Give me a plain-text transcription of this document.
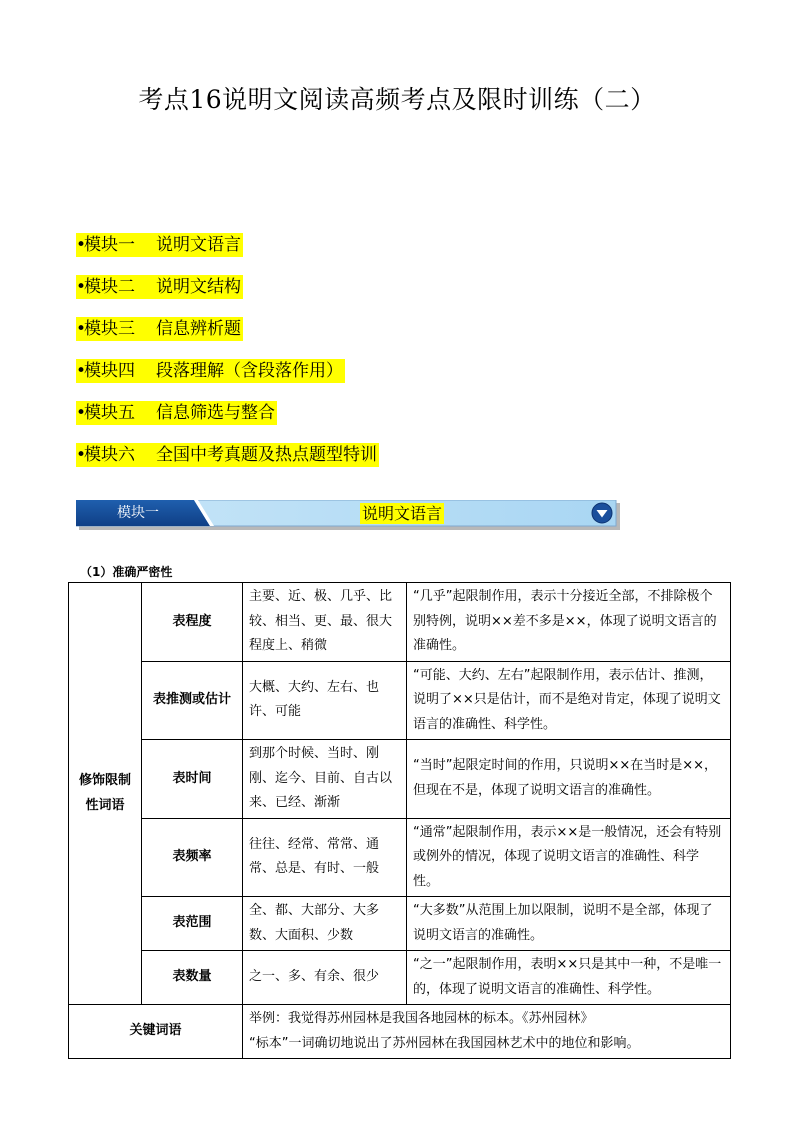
考点16说明文阅读高频考点及限时训练（二）
•模块一 说明文语言
•模块二 说明文结构
•模块三 信息辨析题
•模块四 段落理解（含段落作用）
•模块五 信息筛选与整合
•模块六 全国中考真题及热点题型特训
模块一	说明文语言
（1）准确严密性
修饰限制性词语	表程度	主要、近、极、几乎、比较、相当、更、最、很大程度上、稍微	“几乎”起限制作用，表示十分接近全部，不排除极个别特例，说明××差不多是××，体现了说明文语言的准确性。
	表推测或估计	大概、大约、左右、也许、可能	“可能、大约、左右”起限制作用，表示估计、推测，说明了××只是估计，而不是绝对肯定，体现了说明文语言的准确性、科学性。
	表时间	到那个时候、当时、刚刚、迄今、目前、自古以来、已经、渐渐	“当时”起限定时间的作用，只说明××在当时是××，但现在不是，体现了说明文语言的准确性。
	表频率	往往、经常、常常、通常、总是、有时、一般	“通常”起限制作用，表示××是一般情况，还会有特别或例外的情况，体现了说明文语言的准确性、科学性。
	表范围	全、都、大部分、大多数、大面积、少数	“大多数”从范围上加以限制，说明不是全部，体现了说明文语言的准确性。
	表数量	之一、多、有余、很少	“之一”起限制作用，表明××只是其中一种，不是唯一的，体现了说明文语言的准确性、科学性。
关键词语		举例：我觉得苏州园林是我国各地园林的标本。《苏州园林》
“标本”一词确切地说出了苏州园林在我国园林艺术中的地位和影响。	
